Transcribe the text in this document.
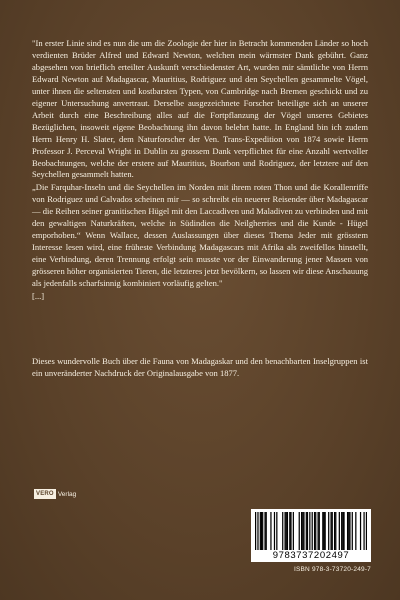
"In erster Linie sind es nun die um die Zoologie der hier in Betracht kommenden Länder so hoch verdienten Brüder Alfred und Edward Newton, welchen mein wärmster Dank gebührt. Ganz abgesehen von brieflich erteilter Auskunft verschiedenster Art, wurden mir sämtliche von Herrn Edward Newton auf Madagascar, Mauritius, Rodriguez und den Seychellen gesammelte Vögel, unter ihnen die seltensten und kostbarsten Typen, von Cambridge nach Bremen geschickt und zu eigener Untersuchung anvertraut. Derselbe ausgezeichnete Forscher beteiligte sich an unserer Arbeit durch eine Beschreibung alles auf die Fortpflanzung der Vögel unseres Gebietes Bezüglichen, insoweit eigene Beobachtung ihn davon belehrt hatte. In England bin ich zudem Herrn Henry H. Slater, dem Naturforscher der Ven. Trans-Expedition von 1874 sowie Herrn Professor J. Perceval Wright in Dublin zu grossem Dank verpflichtet für eine Anzahl wertvoller Beobachtungen, welche der erstere auf Mauritius, Bourbon und Rodriguez, der letztere auf den Seychellen gesammelt hatten.

„Die Farquhar-Inseln und die Seychellen im Norden mit ihrem roten Thon und die Korallenriffe von Rodriguez und Calvados scheinen mir — so schreibt ein neuerer Reisender über Madagascar — die Reihen seiner granitischen Hügel mit den Laccadiven und Maladiven zu verbinden und mit den gewaltigen Naturkräften, welche in Südindien die Neilgherries und die Kunde - Hügel emporhoben.“ Wenn Wallace, dessen Auslassungen über dieses Thema Jeder mit grösstem Interesse lesen wird, eine früheste Verbindung Madagascars mit Afrika als zweifellos hinstellt, eine Verbindung, deren Trennung erfolgt sein musste vor der Einwanderung jener Massen von grösseren höher organisierten Tieren, die letzteres jetzt bevölkern, so lassen wir diese Anschauung als jedenfalls scharfsinnig kombiniert vorläufig gelten."

[...]

Dieses wundervolle Buch über die Fauna von Madagaskar und den benachbarten Inselgruppen ist ein unveränderter Nachdruck der Originalausgabe von 1877.

VERO Verlag
9783737202497
ISBN 978-3-73720-249-7
